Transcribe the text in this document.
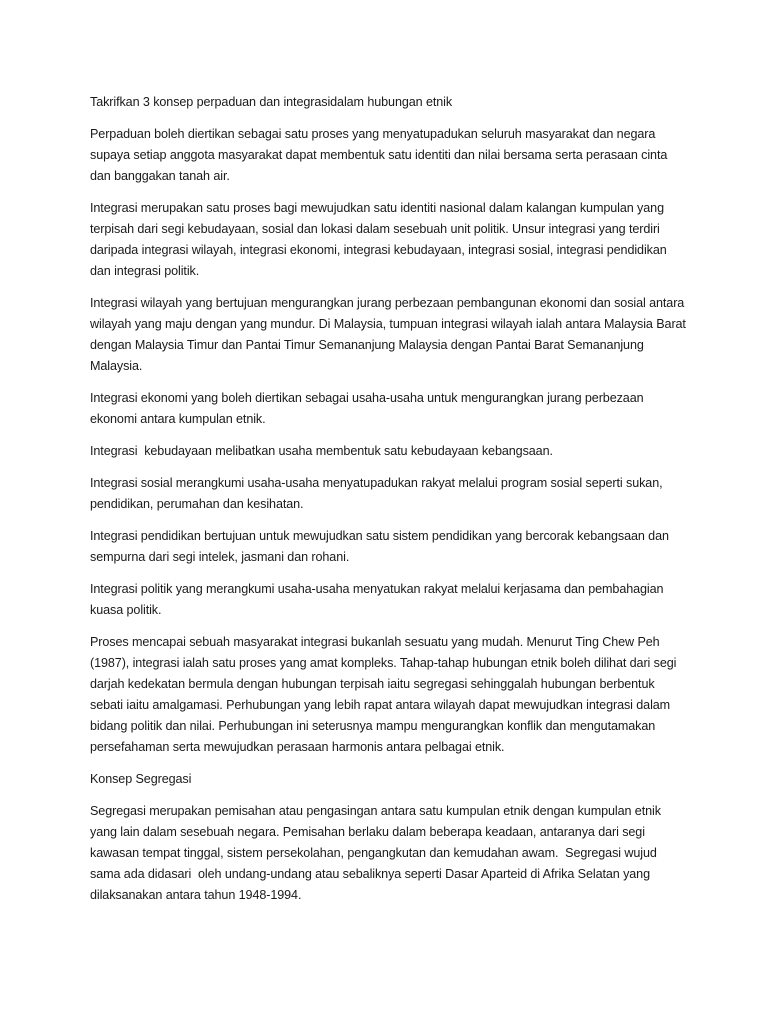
Takrifkan 3 konsep perpaduan dan integrasidalam hubungan etnik

Perpaduan boleh diertikan sebagai satu proses yang menyatupadukan seluruh masyarakat dan negara supaya setiap anggota masyarakat dapat membentuk satu identiti dan nilai bersama serta perasaan cinta dan banggakan tanah air.

Integrasi merupakan satu proses bagi mewujudkan satu identiti nasional dalam kalangan kumpulan yang terpisah dari segi kebudayaan, sosial dan lokasi dalam sesebuah unit politik. Unsur integrasi yang terdiri daripada integrasi wilayah, integrasi ekonomi, integrasi kebudayaan, integrasi sosial, integrasi pendidikan dan integrasi politik.

Integrasi wilayah yang bertujuan mengurangkan jurang perbezaan pembangunan ekonomi dan sosial antara wilayah yang maju dengan yang mundur. Di Malaysia, tumpuan integrasi wilayah ialah antara Malaysia Barat dengan Malaysia Timur dan Pantai Timur Semananjung Malaysia dengan Pantai Barat Semananjung Malaysia.

Integrasi ekonomi yang boleh diertikan sebagai usaha-usaha untuk mengurangkan jurang perbezaan ekonomi antara kumpulan etnik.

Integrasi  kebudayaan melibatkan usaha membentuk satu kebudayaan kebangsaan.

Integrasi sosial merangkumi usaha-usaha menyatupadukan rakyat melalui program sosial seperti sukan, pendidikan, perumahan dan kesihatan.

Integrasi pendidikan bertujuan untuk mewujudkan satu sistem pendidikan yang bercorak kebangsaan dan sempurna dari segi intelek, jasmani dan rohani.

Integrasi politik yang merangkumi usaha-usaha menyatukan rakyat melalui kerjasama dan pembahagian kuasa politik.

Proses mencapai sebuah masyarakat integrasi bukanlah sesuatu yang mudah. Menurut Ting Chew Peh (1987), integrasi ialah satu proses yang amat kompleks. Tahap-tahap hubungan etnik boleh dilihat dari segi darjah kedekatan bermula dengan hubungan terpisah iaitu segregasi sehinggalah hubungan berbentuk sebati iaitu amalgamasi. Perhubungan yang lebih rapat antara wilayah dapat mewujudkan integrasi dalam bidang politik dan nilai. Perhubungan ini seterusnya mampu mengurangkan konflik dan mengutamakan persefahaman serta mewujudkan perasaan harmonis antara pelbagai etnik.

Konsep Segregasi

Segregasi merupakan pemisahan atau pengasingan antara satu kumpulan etnik dengan kumpulan etnik yang lain dalam sesebuah negara. Pemisahan berlaku dalam beberapa keadaan, antaranya dari segi kawasan tempat tinggal, sistem persekolahan, pengangkutan dan kemudahan awam.  Segregasi wujud sama ada didasari  oleh undang-undang atau sebaliknya seperti Dasar Aparteid di Afrika Selatan yang dilaksanakan antara tahun 1948-1994.
